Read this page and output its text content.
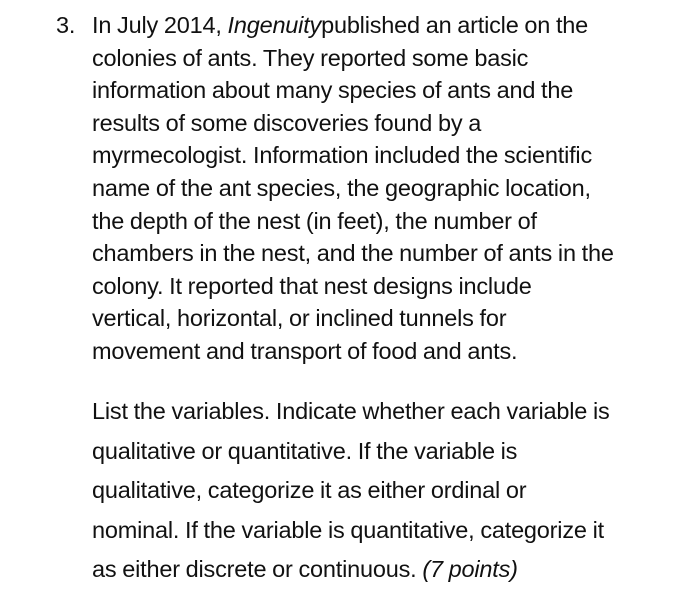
3. In July 2014, Ingenuitypublished an article on the
colonies of ants. They reported some basic
information about many species of ants and the
results of some discoveries found by a
myrmecologist. Information included the scientific
name of the ant species, the geographic location,
the depth of the nest (in feet), the number of
chambers in the nest, and the number of ants in the
colony. It reported that nest designs include
vertical, horizontal, or inclined tunnels for
movement and transport of food and ants.
List the variables. Indicate whether each variable is
qualitative or quantitative. If the variable is
qualitative, categorize it as either ordinal or
nominal. If the variable is quantitative, categorize it
as either discrete or continuous. (7 points)
